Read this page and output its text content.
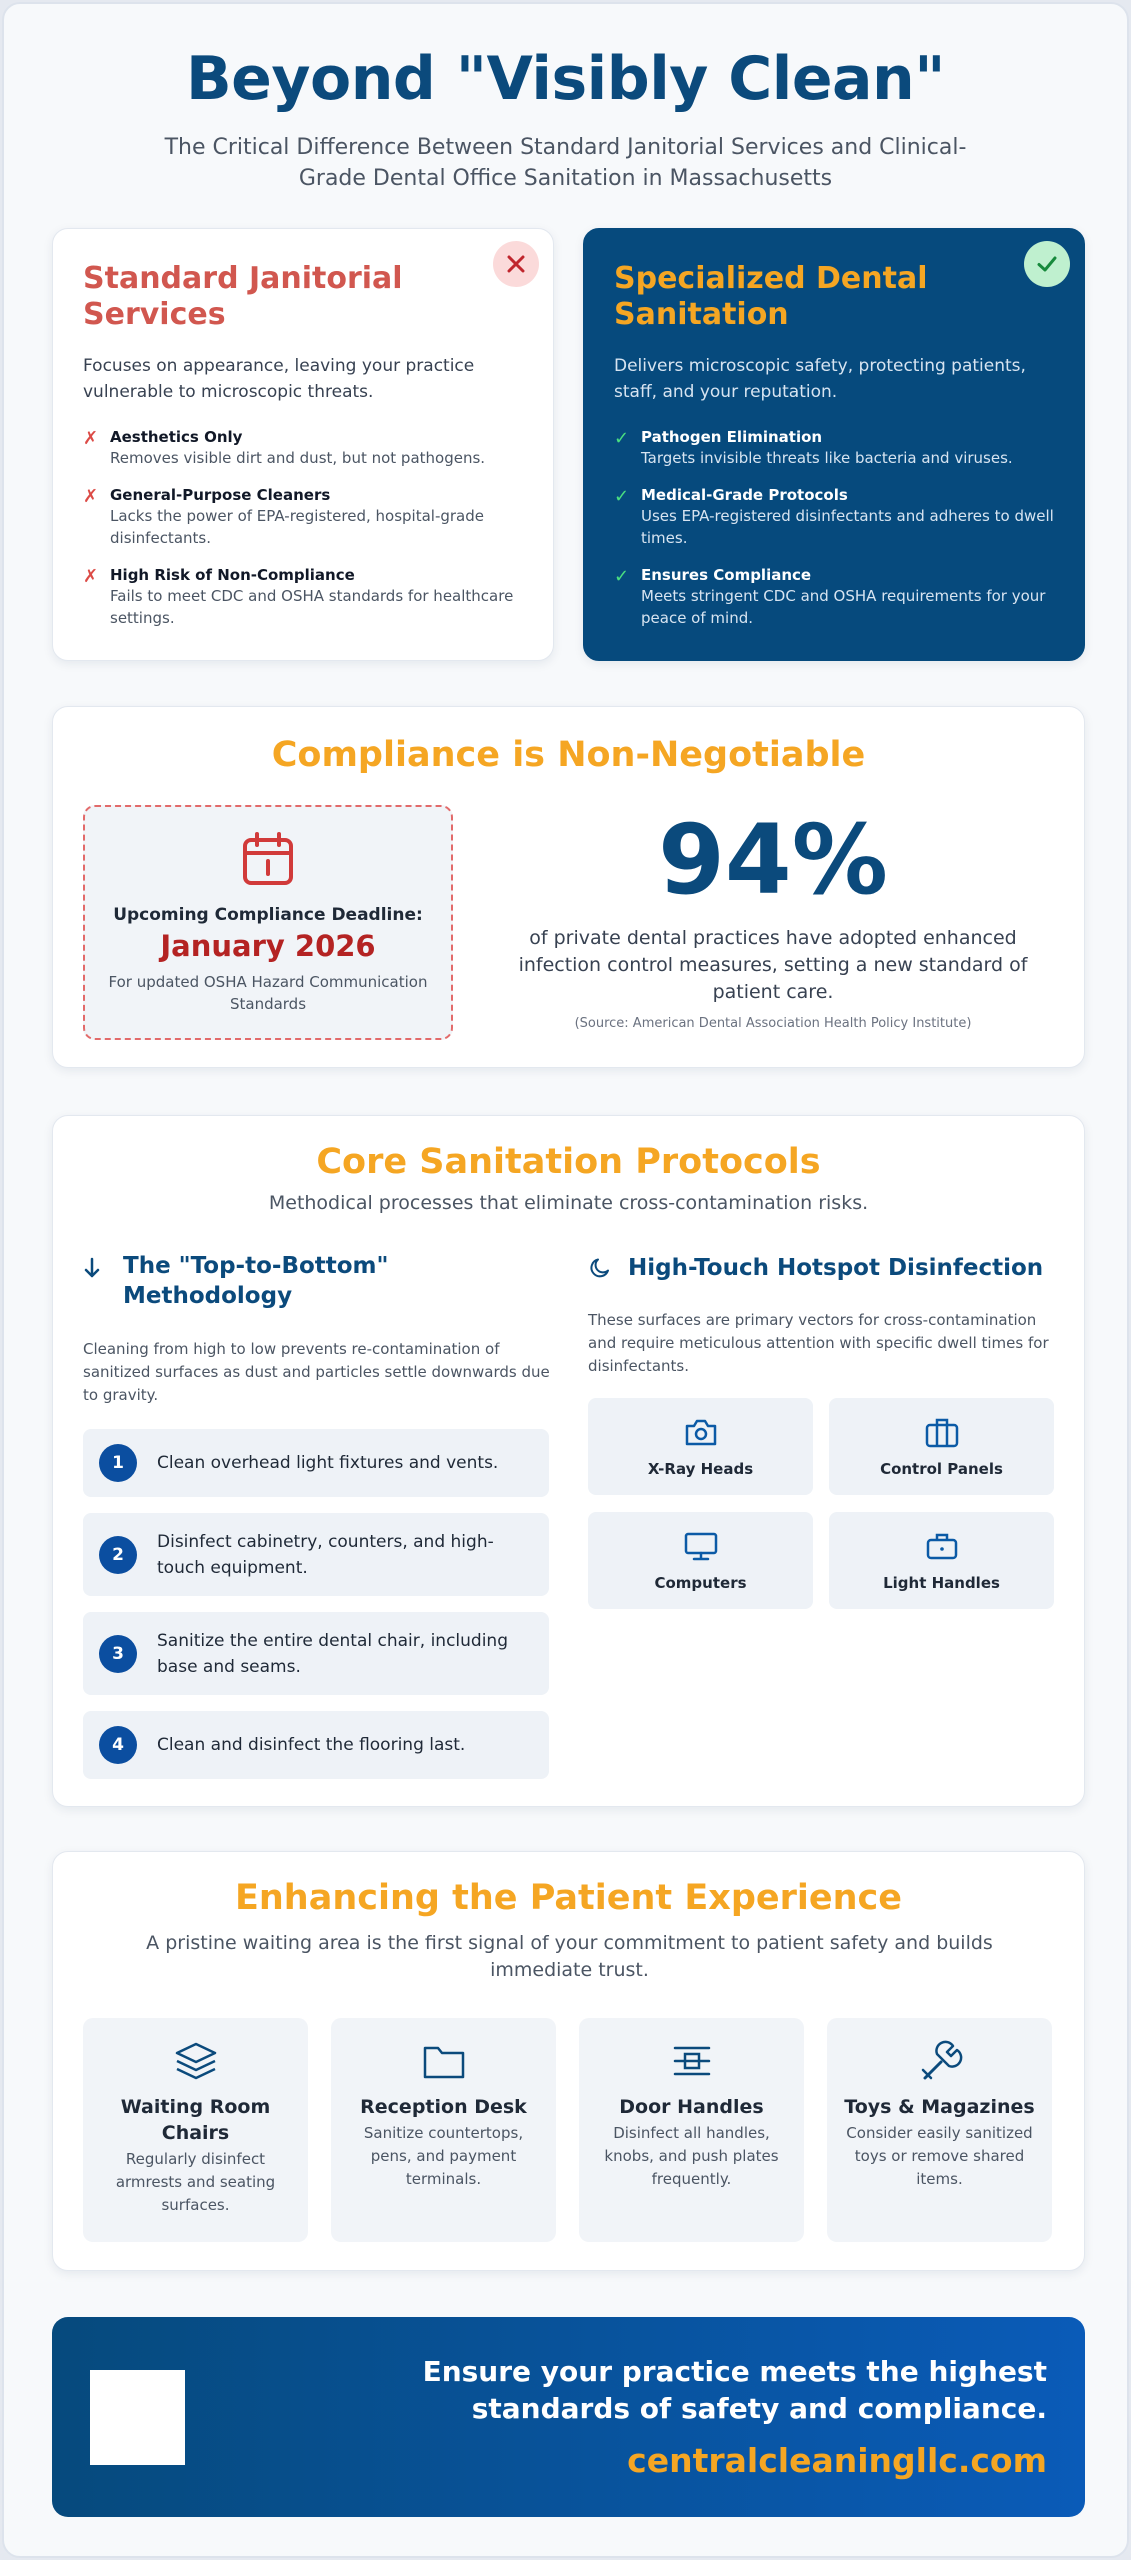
Beyond "Visibly Clean"

The Critical Difference Between Standard Janitorial Services and Clinical-Grade Dental Office Sanitation in Massachusetts

Standard Janitorial Services

Focuses on appearance, leaving your practice vulnerable to microscopic threats.

✗ Aesthetics Only
Removes visible dirt and dust, but not pathogens.
✗ General-Purpose Cleaners
Lacks the power of EPA-registered, hospital-grade disinfectants.
✗ High Risk of Non-Compliance
Fails to meet CDC and OSHA standards for healthcare settings.
Specialized Dental Sanitation

Delivers microscopic safety, protecting patients, staff, and your reputation.

✓ Pathogen Elimination
Targets invisible threats like bacteria and viruses.
✓ Medical-Grade Protocols
Uses EPA-registered disinfectants and adheres to dwell times.
✓ Ensures Compliance
Meets stringent CDC and OSHA requirements for your peace of mind.
Compliance is Non-Negotiable
Upcoming Compliance Deadline:
January 2026
For updated OSHA Hazard Communication Standards
94%
of private dental practices have adopted enhanced infection control measures, setting a new standard of patient care.
(Source: American Dental Association Health Policy Institute)
Core Sanitation Protocols

Methodical processes that eliminate cross-contamination risks.

The "Top-to-Bottom" Methodology

Cleaning from high to low prevents re-contamination of sanitized surfaces as dust and particles settle downwards due to gravity.

1	Clean overhead light fixtures and vents.
2
Disinfect cabinetry, counters, and high-touch equipment.
3
Sanitize the entire dental chair, including base and seams.
4	Clean and disinfect the flooring last.
High-Touch Hotspot Disinfection

These surfaces are primary vectors for cross-contamination and require meticulous attention with specific dwell times for disinfectants.

X-Ray Heads	Control Panels
Computers	Light Handles
Enhancing the Patient Experience

A pristine waiting area is the first signal of your commitment to patient safety and builds immediate trust.

Waiting Room Chairs
Regularly disinfect armrests and seating surfaces.
Reception Desk
Sanitize countertops, pens, and payment terminals.
Door Handles
Disinfect all handles, knobs, and push plates frequently.
Toys & Magazines
Consider easily sanitized toys or remove shared items.
Ensure your practice meets the highest standards of safety and compliance.
centralcleaningllc.com
